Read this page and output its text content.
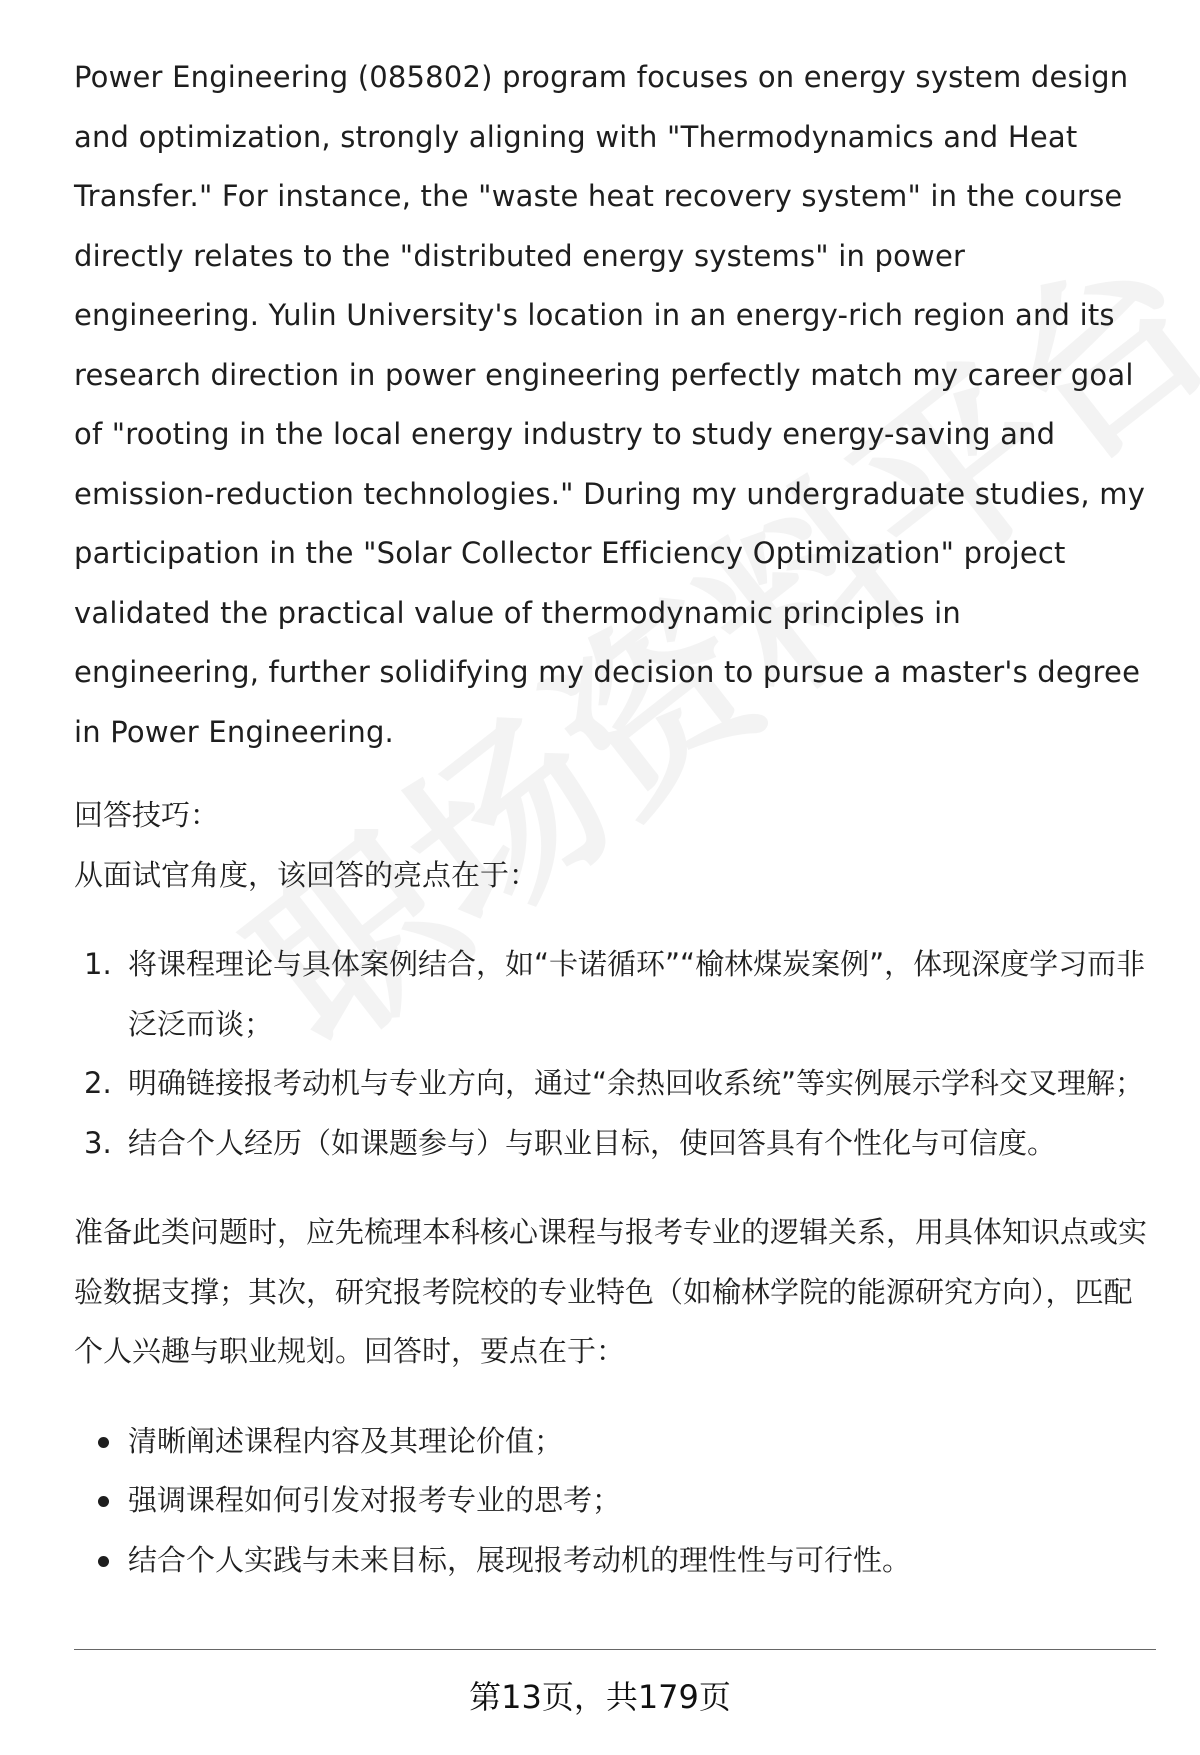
Power Engineering (085802) program focuses on energy system design and optimization, strongly aligning with "Thermodynamics and Heat Transfer." For instance, the "waste heat recovery system" in the course directly relates to the "distributed energy systems" in power engineering. Yulin University's location in an energy-rich region and its research direction in power engineering perfectly match my career goal of "rooting in the local energy industry to study energy-saving and emission-reduction technologies." During my undergraduate studies, my participation in the "Solar Collector Efficiency Optimization" project validated the practical value of thermodynamic principles in engineering, further solidifying my decision to pursue a master's degree in Power Engineering.

回答技巧：

从面试官角度，该回答的亮点在于：

1. 将课程理论与具体案例结合，如“卡诺循环”“榆林煤炭案例”，体现深度学习而非泛泛而谈；
2. 明确链接报考动机与专业方向，通过“余热回收系统”等实例展示学科交叉理解；
3. 结合个人经历（如课题参与）与职业目标，使回答具有个性化与可信度。

准备此类问题时，应先梳理本科核心课程与报考专业的逻辑关系，用具体知识点或实验数据支撑；其次，研究报考院校的专业特色（如榆林学院的能源研究方向），匹配个人兴趣与职业规划。回答时，要点在于：

清晰阐述课程内容及其理论价值；
强调课程如何引发对报考专业的思考；
结合个人实践与未来目标，展现报考动机的理性性与可行性。
第13页，共179页
